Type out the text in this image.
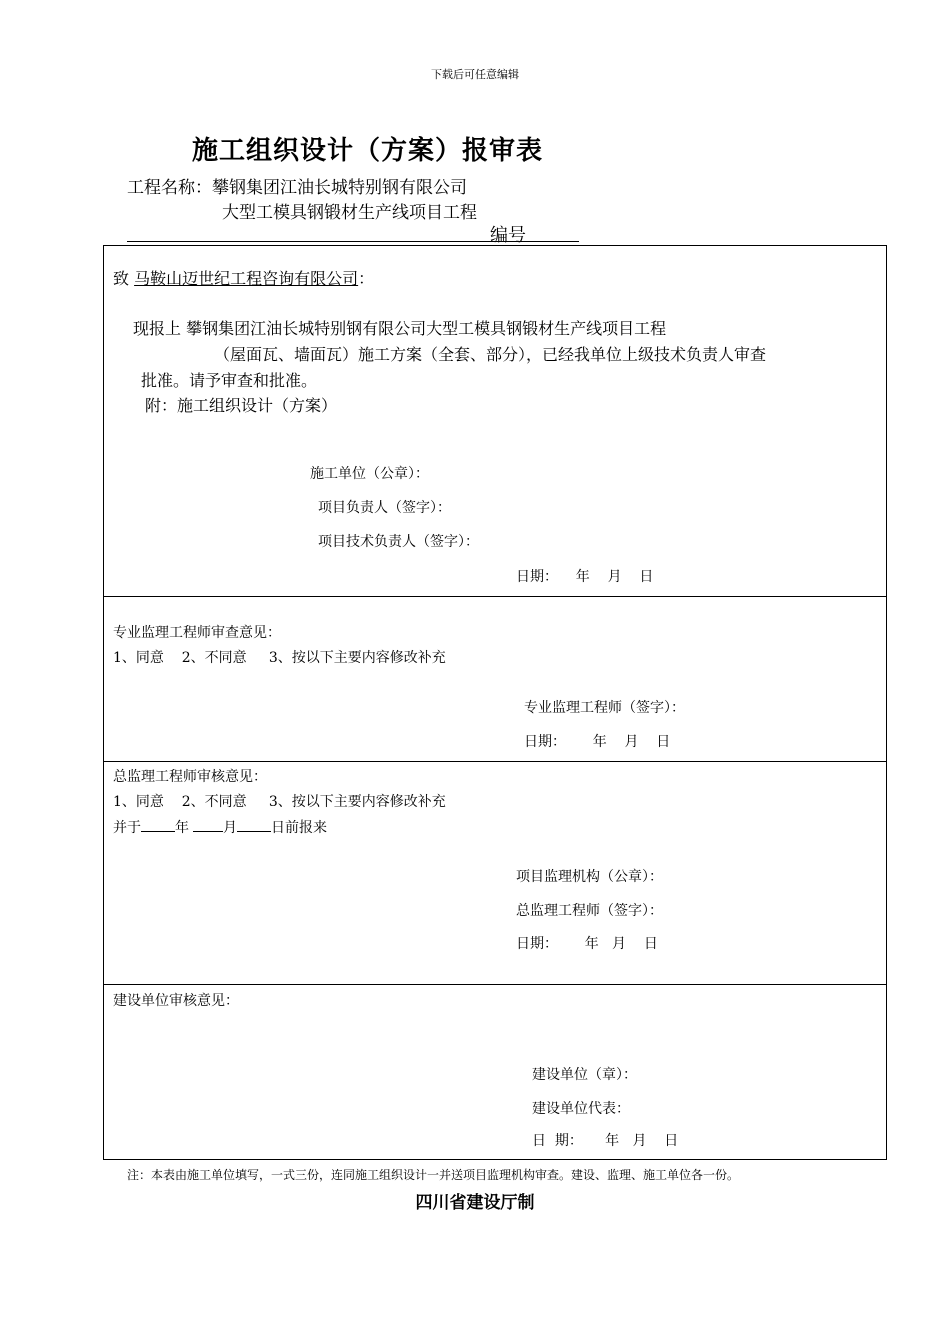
下载后可任意编辑
施工组织设计（方案）报审表
工程名称：攀钢集团江油长城特别钢有限公司
大型工模具钢锻材生产线项目工程
编号
致 马鞍山迈世纪工程咨询有限公司：
现报上 攀钢集团江油长城特别钢有限公司大型工模具钢锻材生产线项目工程
（屋面瓦、墙面瓦）施工方案（全套、部分），已经我单位上级技术负责人审查
批准。请予审查和批准。
附：施工组织设计（方案）
施工单位（公章）：
项目负责人（签字）：
项目技术负责人（签字）：
日期：    年    月    日
专业监理工程师审查意见：
1、同意    2、不同意     3、按以下主要内容修改补充
专业监理工程师（签字）：
日期：      年    月    日
总监理工程师审核意见：
1、同意    2、不同意     3、按以下主要内容修改补充
并于 年 月 日前报来
项目监理机构（公章）：
总监理工程师（签字）：
日期：      年   月    日
建设单位审核意见：
建设单位（章）：
建设单位代表：
日  期：     年   月    日
注：本表由施工单位填写，一式三份，连同施工组织设计一并送项目监理机构审查。建设、监理、施工单位各一份。
四川省建设厅制
